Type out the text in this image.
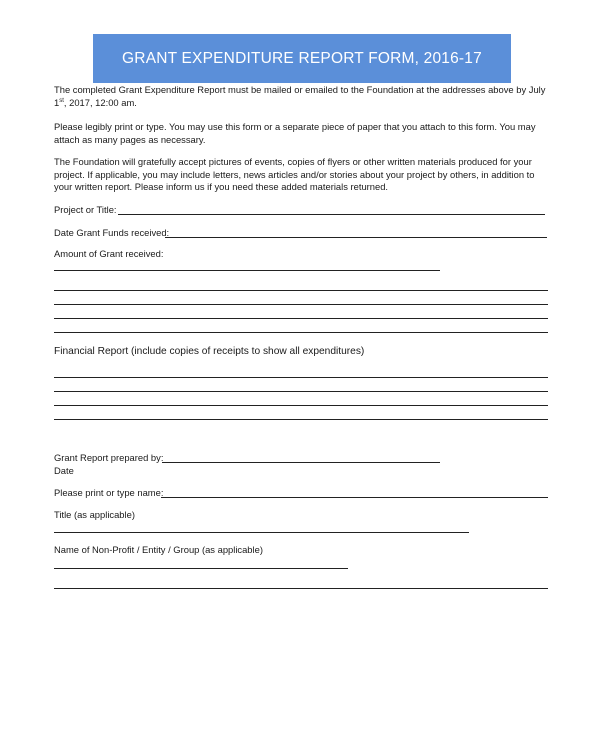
GRANT EXPENDITURE REPORT FORM, 2016-17

The completed Grant Expenditure Report must be mailed or emailed to the Foundation at the addresses above by July 1st, 2017, 12:00 am.

Please legibly print or type. You may use this form or a separate piece of paper that you attach to this form. You may attach as many pages as necessary.

The Foundation will gratefully accept pictures of events, copies of flyers or other written materials produced for your project. If applicable, you may include letters, news articles and/or stories about your project by others, in addition to your written report. Please inform us if you need these added materials returned.

Project or Title:
Date Grant Funds received:
Amount of Grant received:
Financial Report (include copies of receipts to show all expenditures)
Grant Report prepared by:
Date
Please print or type name:
Title (as applicable)
Name of Non-Profit / Entity / Group (as applicable)
